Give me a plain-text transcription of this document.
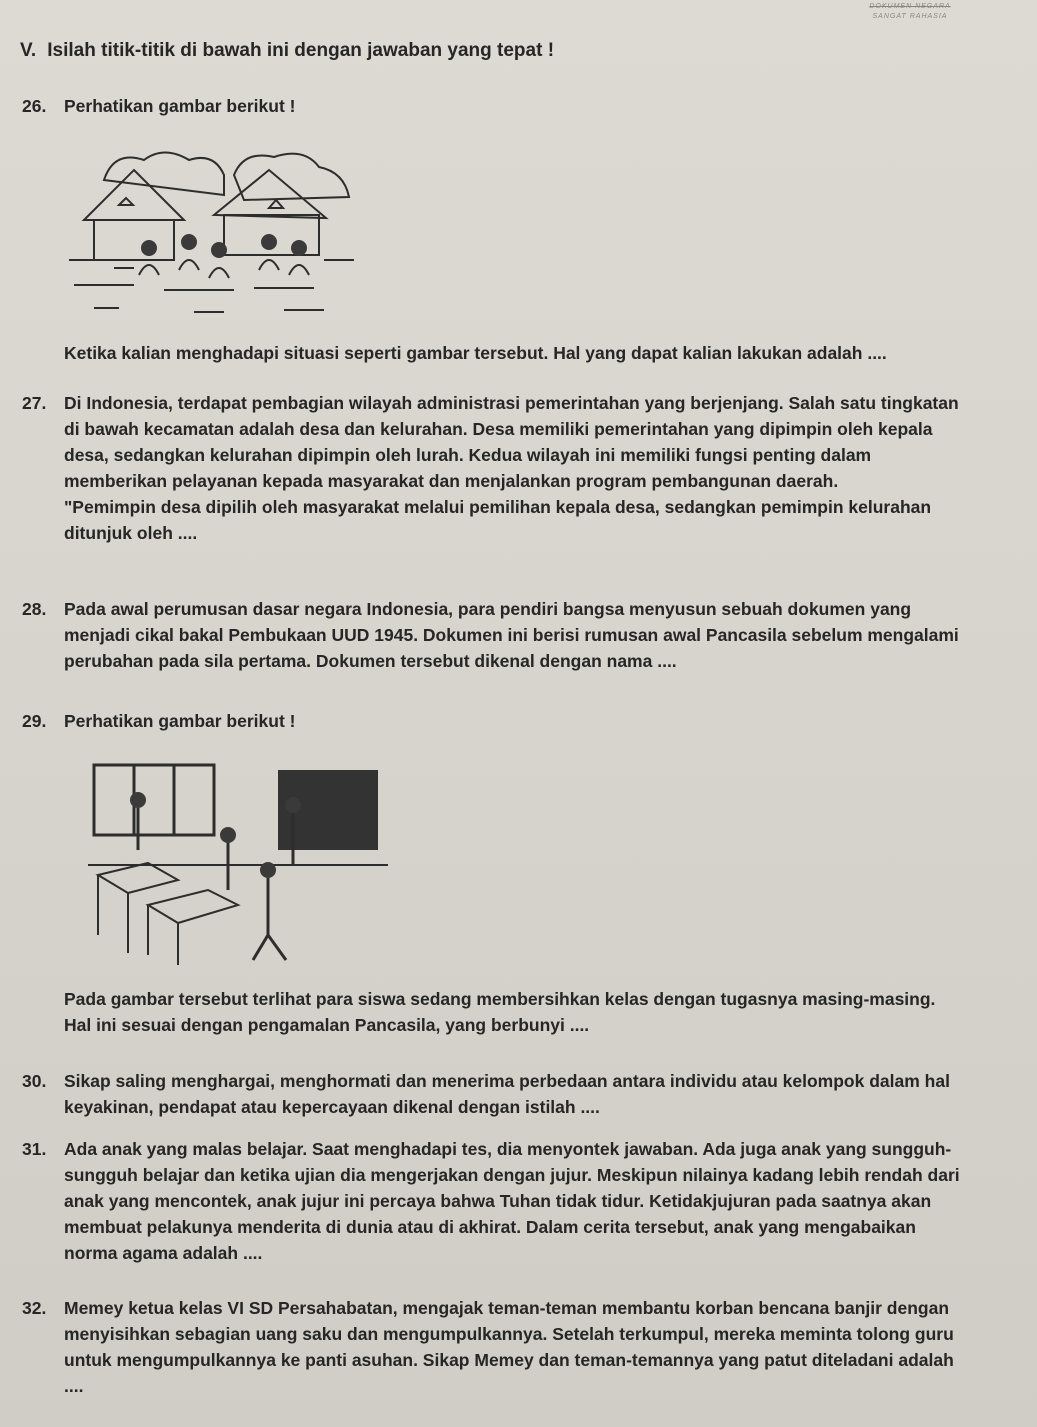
DOKUMEN NEGARA
SANGAT RAHASIA
V. Isilah titik-titik di bawah ini dengan jawaban yang tepat !
26. Perhatikan gambar berikut !
Ketika kalian menghadapi situasi seperti gambar tersebut. Hal yang dapat kalian lakukan adalah ....
27. Di Indonesia, terdapat pembagian wilayah administrasi pemerintahan yang berjenjang. Salah satu tingkatan di bawah kecamatan adalah desa dan kelurahan. Desa memiliki pemerintahan yang dipimpin oleh kepala desa, sedangkan kelurahan dipimpin oleh lurah. Kedua wilayah ini memiliki fungsi penting dalam memberikan pelayanan kepada masyarakat dan menjalankan program pembangunan daerah.
"Pemimpin desa dipilih oleh masyarakat melalui pemilihan kepala desa, sedangkan pemimpin kelurahan ditunjuk oleh ....
28. Pada awal perumusan dasar negara Indonesia, para pendiri bangsa menyusun sebuah dokumen yang menjadi cikal bakal Pembukaan UUD 1945. Dokumen ini berisi rumusan awal Pancasila sebelum mengalami perubahan pada sila pertama. Dokumen tersebut dikenal dengan nama ....
29. Perhatikan gambar berikut !
Pada gambar tersebut terlihat para siswa sedang membersihkan kelas dengan tugasnya masing-masing. Hal ini sesuai dengan pengamalan Pancasila, yang berbunyi ....
30. Sikap saling menghargai, menghormati dan menerima perbedaan antara individu atau kelompok dalam hal keyakinan, pendapat atau kepercayaan dikenal dengan istilah ....
31. Ada anak yang malas belajar. Saat menghadapi tes, dia menyontek jawaban. Ada juga anak yang sungguh-sungguh belajar dan ketika ujian dia mengerjakan dengan jujur. Meskipun nilainya kadang lebih rendah dari anak yang mencontek, anak jujur ini percaya bahwa Tuhan tidak tidur. Ketidakjujuran pada saatnya akan membuat pelakunya menderita di dunia atau di akhirat. Dalam cerita tersebut, anak yang mengabaikan norma agama adalah ....
32. Memey ketua kelas VI SD Persahabatan, mengajak teman-teman membantu korban bencana banjir dengan menyisihkan sebagian uang saku dan mengumpulkannya. Setelah terkumpul, mereka meminta tolong guru untuk mengumpulkannya ke panti asuhan. Sikap Memey dan teman-temannya yang patut diteladani adalah ....
